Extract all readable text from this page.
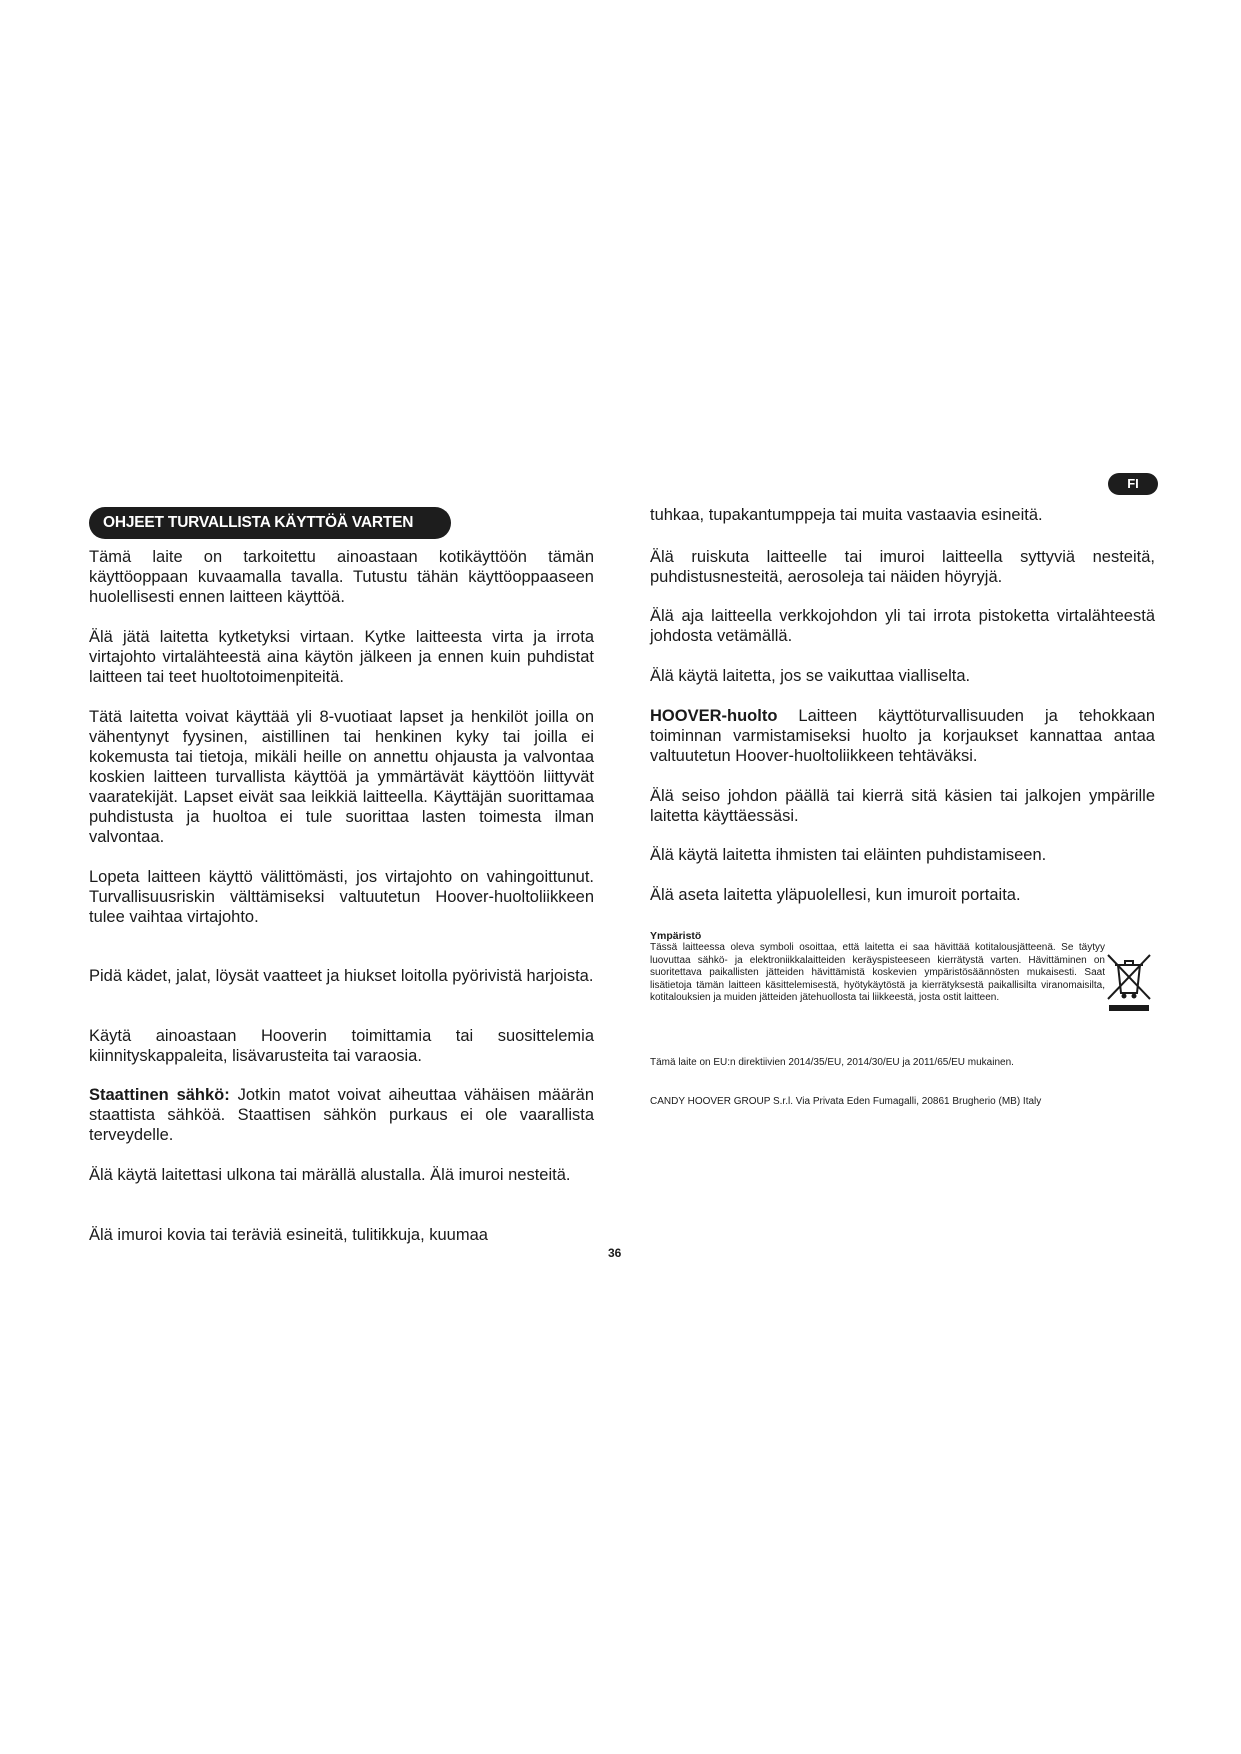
OHJEET TURVALLISTA KÄYTTÖÄ VARTEN
FI

Tämä laite on tarkoitettu ainoastaan kotikäyttöön tämän käyttöoppaan kuvaamalla tavalla. Tutustu tähän käyttöoppaaseen huolellisesti ennen laitteen käyttöä.

Älä jätä laitetta kytketyksi virtaan. Kytke laitteesta virta ja irrota virtajohto virtalähteestä aina käytön jälkeen ja ennen kuin puhdistat laitteen tai teet huoltotoimenpiteitä.

Tätä laitetta voivat käyttää yli 8-vuotiaat lapset ja henkilöt joilla on vähentynyt fyysinen, aistillinen tai henkinen kyky tai joilla ei kokemusta tai tietoja, mikäli heille on annettu ohjausta ja valvontaa koskien laitteen turvallista käyttöä ja ymmärtävät käyttöön liittyvät vaaratekijät. Lapset eivät saa leikkiä laitteella. Käyttäjän suorittamaa puhdistusta ja huoltoa ei tule suorittaa lasten toimesta ilman valvontaa.

Lopeta laitteen käyttö välittömästi, jos virtajohto on vahingoittunut. Turvallisuusriskin välttämiseksi valtuutetun Hoover-huoltoliikkeen tulee vaihtaa virtajohto.

Pidä kädet, jalat, löysät vaatteet ja hiukset loitolla pyörivistä harjoista.

Käytä ainoastaan Hooverin toimittamia tai suosittelemia kiinnityskappaleita, lisävarusteita tai varaosia.

Staattinen sähkö: Jotkin matot voivat aiheuttaa vähäisen määrän staattista sähköä. Staattisen sähkön purkaus ei ole vaarallista terveydelle.

Älä käytä laitettasi ulkona tai märällä alustalla. Älä imuroi nesteitä.

Älä imuroi kovia tai teräviä esineitä, tulitikkuja, kuumaa

tuhkaa, tupakantumppeja tai muita vastaavia esineitä.

Älä ruiskuta laitteelle tai imuroi laitteella syttyviä nesteitä, puhdistusnesteitä, aerosoleja tai näiden höyryjä.

Älä aja laitteella verkkojohdon yli tai irrota pistoketta virtalähteestä johdosta vetämällä.

Älä käytä laitetta, jos se vaikuttaa vialliselta.

HOOVER-huolto Laitteen käyttöturvallisuuden ja tehokkaan toiminnan varmistamiseksi huolto ja korjaukset kannattaa antaa valtuutetun Hoover-huoltoliikkeen tehtäväksi.

Älä seiso johdon päällä tai kierrä sitä käsien tai jalkojen ympärille laitetta käyttäessäsi.

Älä käytä laitetta ihmisten tai eläinten puhdistamiseen.

Älä aseta laitetta yläpuolellesi, kun imuroit portaita.

Ympäristö

Tässä laitteessa oleva symboli osoittaa, että laitetta ei saa hävittää kotitalousjätteenä. Se täytyy luovuttaa sähkö- ja elektroniikkalaitteiden keräyspisteeseen kierrätystä varten. Hävittäminen on suoritettava paikallisten jätteiden hävittämistä koskevien ympäristösäännösten mukaisesti. Saat lisätietoja tämän laitteen käsittelemisestä, hyötykäytöstä ja kierrätyksestä paikallisilta viranomaisilta, kotitalouksien ja muiden jätteiden jätehuollosta tai liikkeestä, josta ostit laitteen.

Tämä laite on EU:n direktiivien 2014/35/EU, 2014/30/EU ja 2011/65/EU mukainen.

CANDY HOOVER GROUP S.r.l. Via Privata Eden Fumagalli, 20861 Brugherio (MB) Italy

36
